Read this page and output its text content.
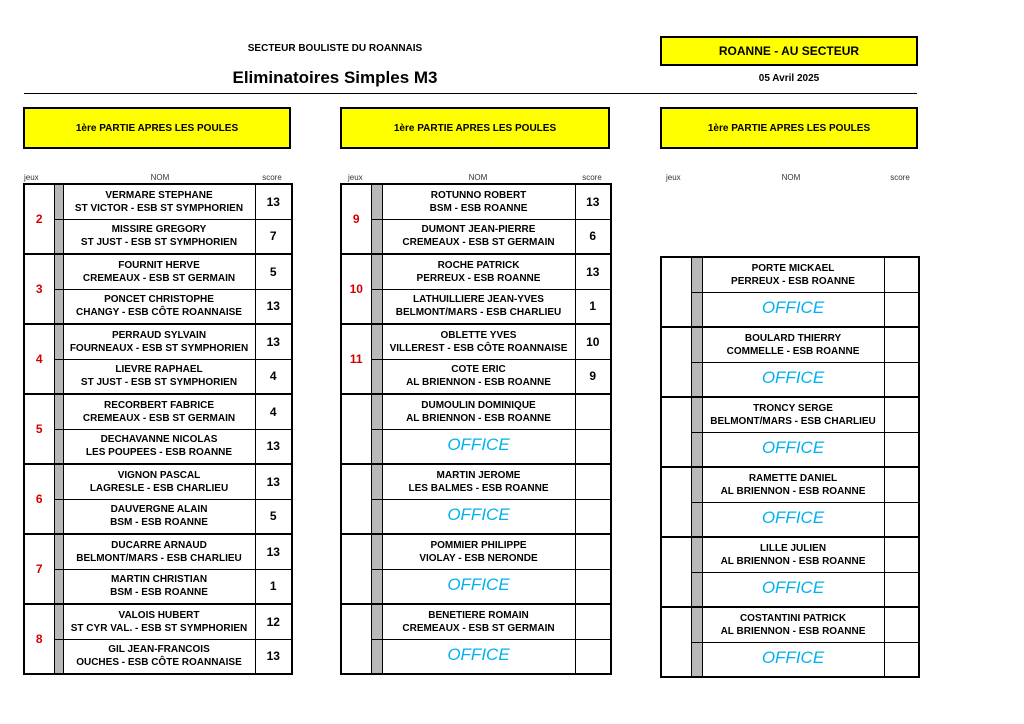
SECTEUR BOULISTE DU ROANNAIS
Eliminatoires Simples M3
ROANNE - AU SECTEUR
05 Avril 2025
1ère PARTIE APRES LES POULES	1ère PARTIE APRES LES POULES	1ère PARTIE APRES LES POULES
jeux	NOM	score	jeux	NOM	score	jeux	NOM	score
2		VERMARE STEPHANE
ST VICTOR - ESB ST SYMPHORIEN	13

		MISSIRE GREGORY
ST JUST - ESB ST SYMPHORIEN	7
3		FOURNIT HERVE
CREMEAUX - ESB ST GERMAIN	5

		PONCET CHRISTOPHE
CHANGY - ESB CÔTE ROANNAISE	13
4		PERRAUD SYLVAIN
FOURNEAUX - ESB ST SYMPHORIEN	13

		LIEVRE RAPHAEL
ST JUST - ESB ST SYMPHORIEN	4
5		RECORBERT FABRICE
CREMEAUX - ESB ST GERMAIN	4

		DECHAVANNE NICOLAS
LES POUPEES - ESB ROANNE	13
6		VIGNON PASCAL
LAGRESLE - ESB CHARLIEU	13

		DAUVERGNE ALAIN
BSM - ESB ROANNE	5
7		DUCARRE ARNAUD
BELMONT/MARS - ESB CHARLIEU	13

		MARTIN CHRISTIAN
BSM - ESB ROANNE	1
8		VALOIS HUBERT
ST CYR VAL. - ESB ST SYMPHORIEN	12

		GIL JEAN-FRANCOIS
OUCHES - ESB CÔTE ROANNAISE	13
9		ROTUNNO ROBERT
BSM - ESB ROANNE	13

		DUMONT JEAN-PIERRE
CREMEAUX - ESB ST GERMAIN	6
10		ROCHE PATRICK
PERREUX - ESB ROANNE	13

		LATHUILLIERE JEAN-YVES
BELMONT/MARS - ESB CHARLIEU	1
11		OBLETTE YVES
VILLEREST - ESB CÔTE ROANNAISE	10

		COTE ERIC
AL BRIENNON - ESB ROANNE	9

		DUMOULIN DOMINIQUE
AL BRIENNON - ESB ROANNE	

		OFFICE	

		MARTIN JEROME
LES BALMES - ESB ROANNE	

		OFFICE	

		POMMIER PHILIPPE
VIOLAY - ESB NERONDE	

		OFFICE	

		BENETIERE ROMAIN
CREMEAUX - ESB ST GERMAIN	

		OFFICE	

		PORTE MICKAEL
PERREUX - ESB ROANNE	

		OFFICE	

		BOULARD THIERRY
COMMELLE - ESB ROANNE	

		OFFICE	

		TRONCY SERGE
BELMONT/MARS - ESB CHARLIEU	

		OFFICE	

		RAMETTE DANIEL
AL BRIENNON - ESB ROANNE	

		OFFICE	

		LILLE JULIEN
AL BRIENNON - ESB ROANNE	

		OFFICE	

		COSTANTINI PATRICK
AL BRIENNON - ESB ROANNE	

		OFFICE	
